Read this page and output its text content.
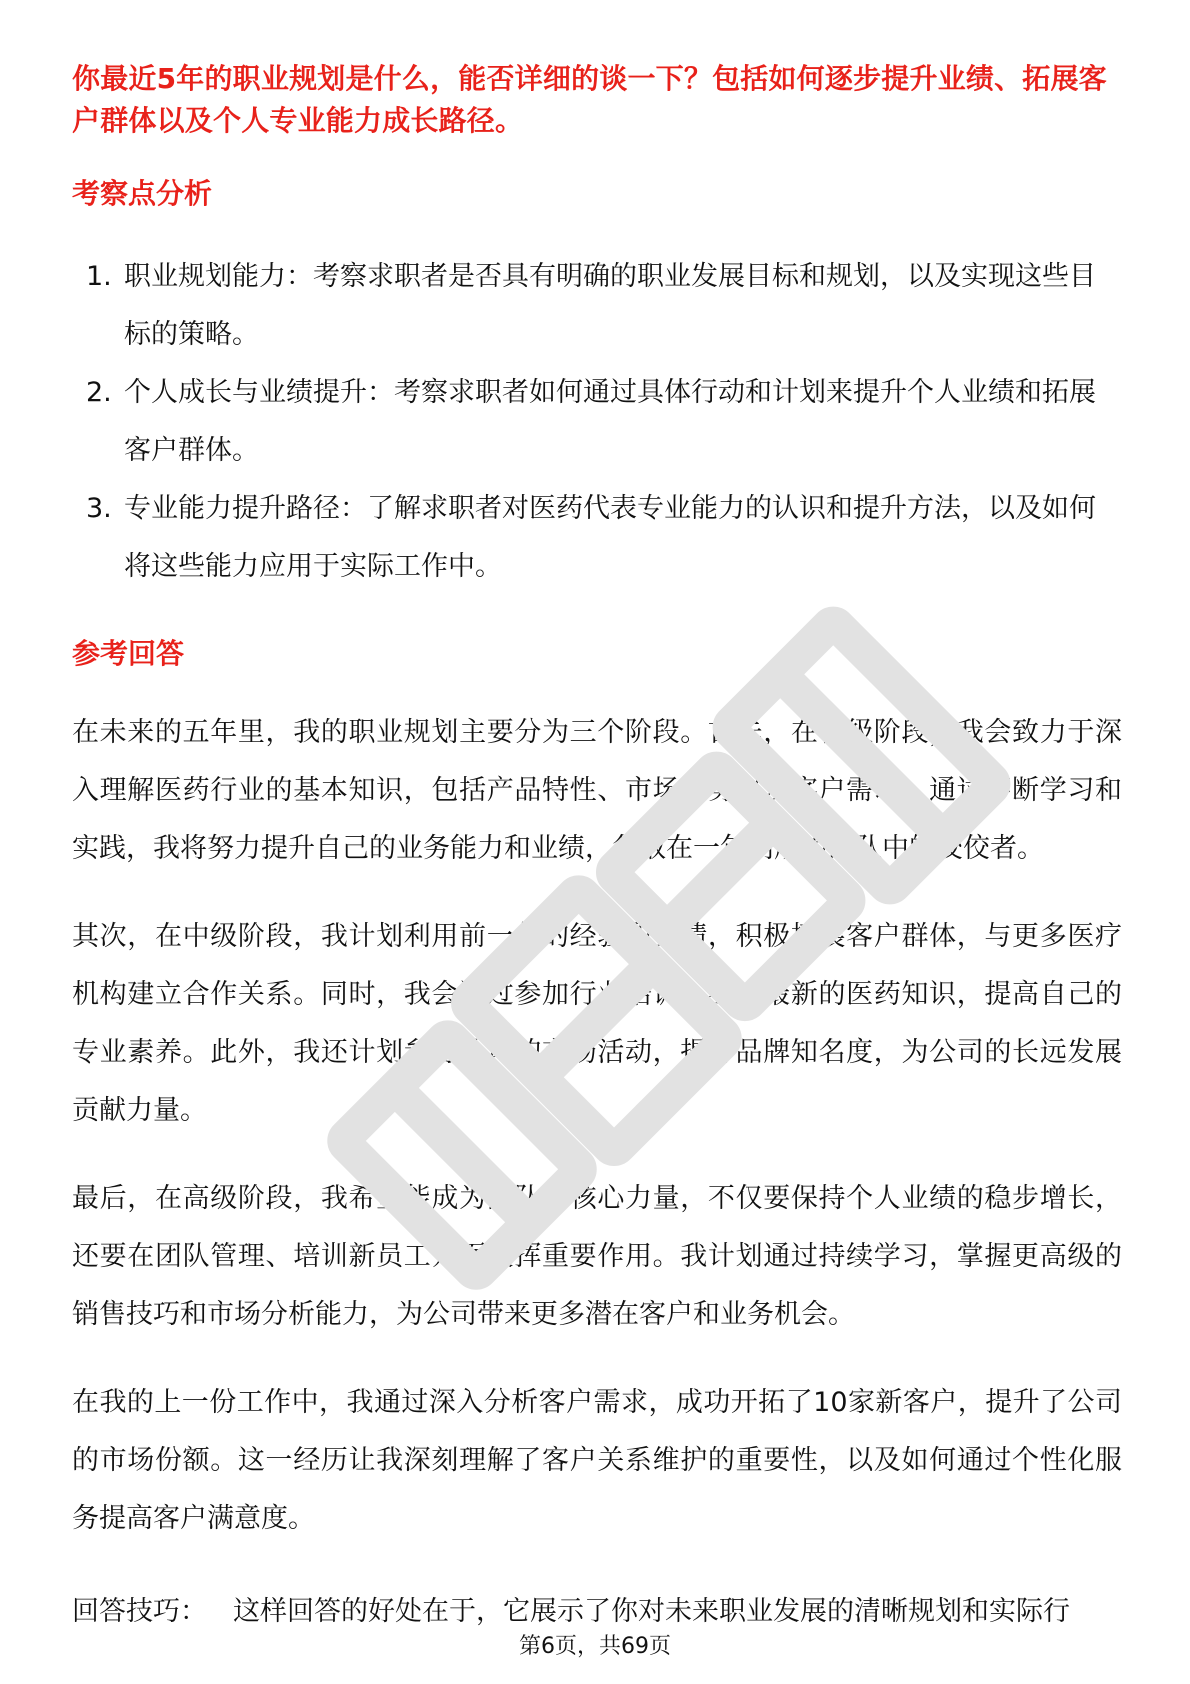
你最近5年的职业规划是什么，能否详细的谈一下？包括如何逐步提升业绩、拓展客户群体以及个人专业能力成长路径。

考察点分析
1. 职业规划能力：考察求职者是否具有明确的职业发展目标和规划，以及实现这些目标的策略。
2. 个人成长与业绩提升：考察求职者如何通过具体行动和计划来提升个人业绩和拓展客户群体。
3. 专业能力提升路径：了解求职者对医药代表专业能力的认识和提升方法，以及如何将这些能力应用于实际工作中。
参考回答

在未来的五年里，我的职业规划主要分为三个阶段。首先，在初级阶段，我会致力于深入理解医药行业的基本知识，包括产品特性、市场趋势以及客户需求。通过不断学习和实践，我将努力提升自己的业务能力和业绩，争取在一年内成为团队中的佼佼者。

其次，在中级阶段，我计划利用前一年的经验和业绩，积极拓展客户群体，与更多医疗机构建立合作关系。同时，我会通过参加行业培训、学习最新的医药知识，提高自己的专业素养。此外，我还计划参与公司的市场活动，提升品牌知名度，为公司的长远发展贡献力量。

最后，在高级阶段，我希望能成为团队的核心力量，不仅要保持个人业绩的稳步增长，还要在团队管理、培训新员工方面发挥重要作用。我计划通过持续学习，掌握更高级的销售技巧和市场分析能力，为公司带来更多潜在客户和业务机会。

在我的上一份工作中，我通过深入分析客户需求，成功开拓了10家新客户，提升了公司的市场份额。这一经历让我深刻理解了客户关系维护的重要性，以及如何通过个性化服务提高客户满意度。

回答技巧： 这样回答的好处在于，它展示了你对未来职业发展的清晰规划和实际行
第6页，共69页
